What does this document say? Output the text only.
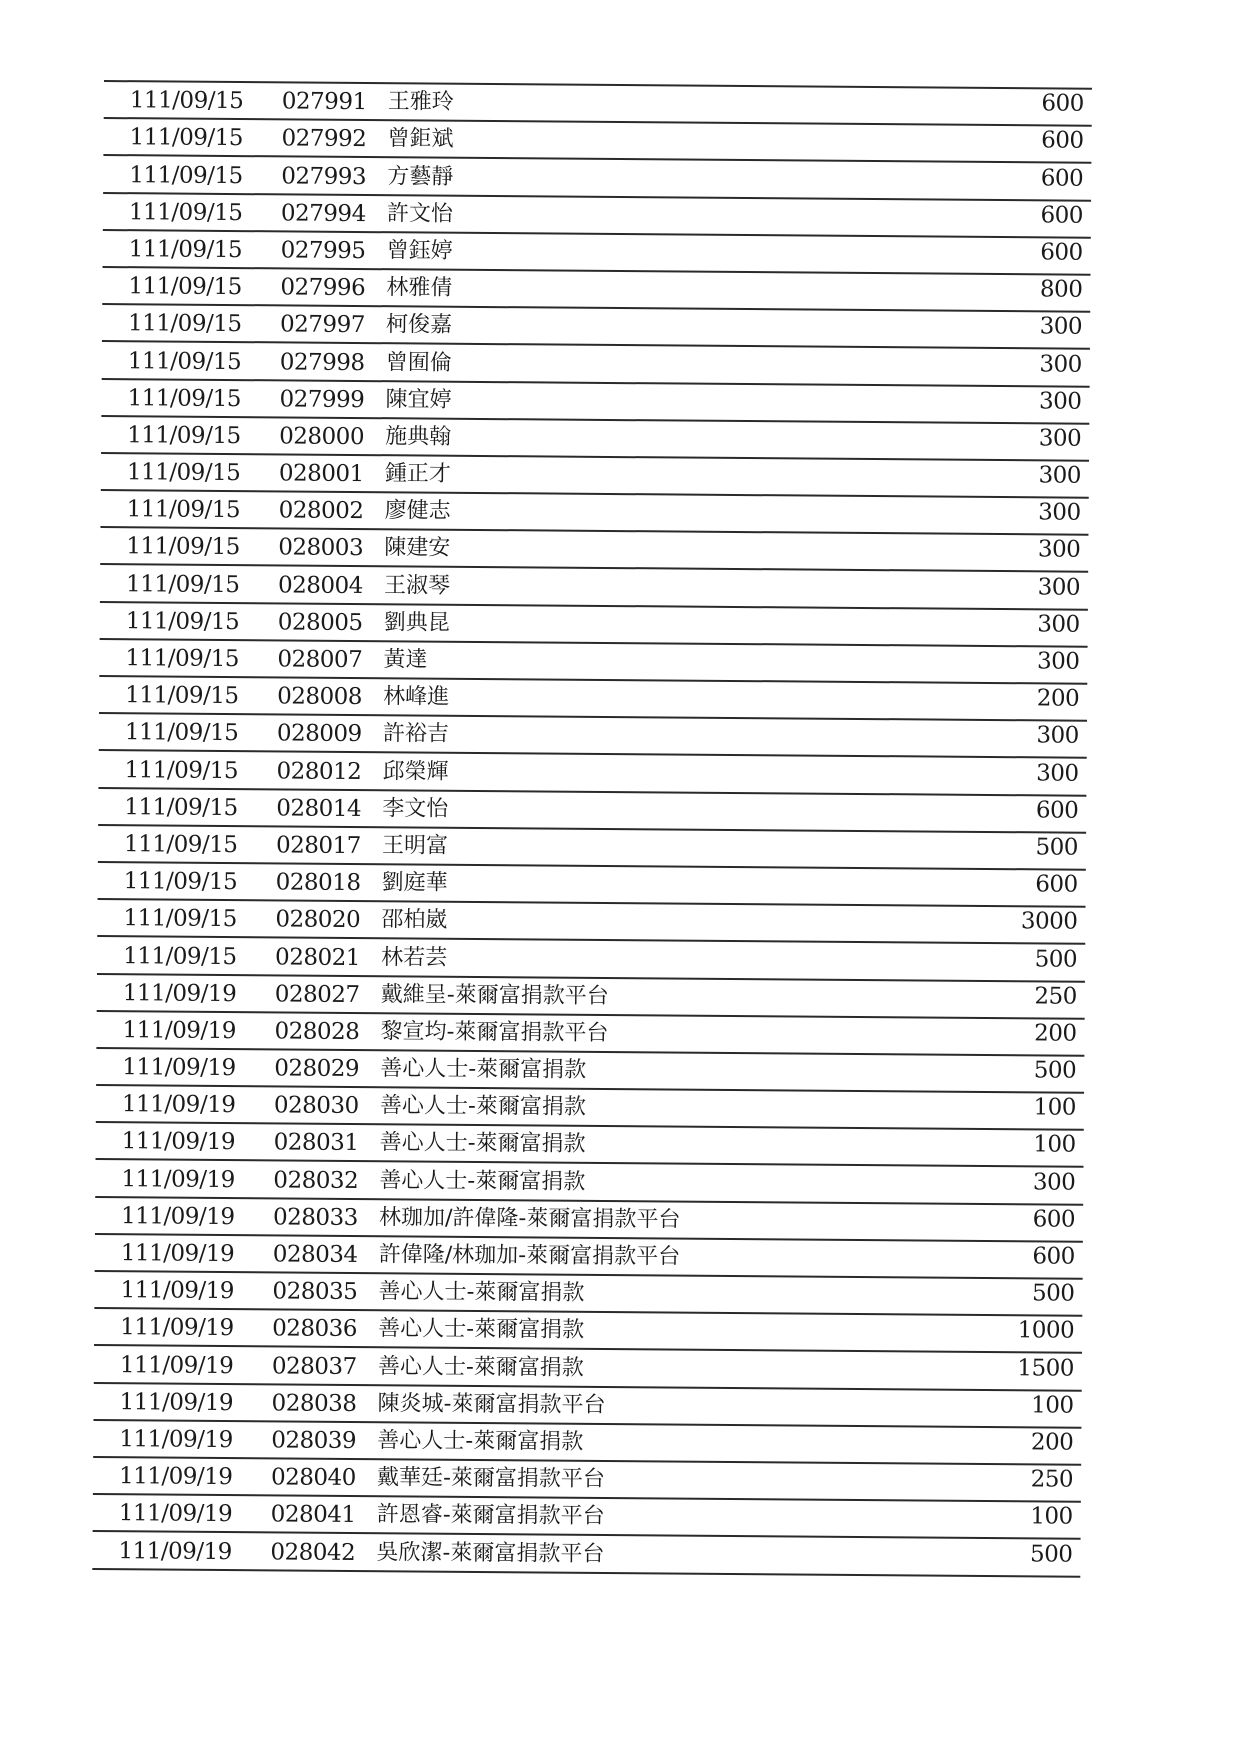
111/09/15 027991 王雅玲	600
111/09/15 027992 曾鉅斌	600
111/09/15 027993 方藝靜	600
111/09/15 027994 許文怡	600
111/09/15 027995 曾鈺婷	600
111/09/15 027996 林雅倩	800
111/09/15 027997 柯俊嘉	300
111/09/15 027998 曾囿倫	300
111/09/15 027999 陳宜婷	300
111/09/15 028000 施典翰	300
111/09/15 028001 鍾正才	300
111/09/15 028002 廖健志	300
111/09/15 028003 陳建安	300
111/09/15 028004 王淑琴	300
111/09/15 028005 劉典昆	300
111/09/15 028007 黃達	300
111/09/15 028008 林峰進	200
111/09/15 028009 許裕吉	300
111/09/15 028012 邱榮輝	300
111/09/15 028014 李文怡	600
111/09/15 028017 王明富	500
111/09/15 028018 劉庭華	600
111/09/15 028020 邵柏崴	3000
111/09/15 028021 林若芸	500
111/09/19 028027 戴維呈-萊爾富捐款平台	250
111/09/19 028028 黎宣均-萊爾富捐款平台	200
111/09/19 028029 善心人士-萊爾富捐款	500
111/09/19 028030 善心人士-萊爾富捐款	100
111/09/19 028031 善心人士-萊爾富捐款	100
111/09/19 028032 善心人士-萊爾富捐款	300
111/09/19 028033 林珈加/許偉隆-萊爾富捐款平台	600
111/09/19 028034 許偉隆/林珈加-萊爾富捐款平台	600
111/09/19 028035 善心人士-萊爾富捐款	500
111/09/19 028036 善心人士-萊爾富捐款	1000
111/09/19 028037 善心人士-萊爾富捐款	1500
111/09/19 028038 陳炎城-萊爾富捐款平台	100
111/09/19 028039 善心人士-萊爾富捐款	200
111/09/19 028040 戴華廷-萊爾富捐款平台	250
111/09/19 028041 許恩睿-萊爾富捐款平台	100
111/09/19 028042 吳欣潔-萊爾富捐款平台	500
